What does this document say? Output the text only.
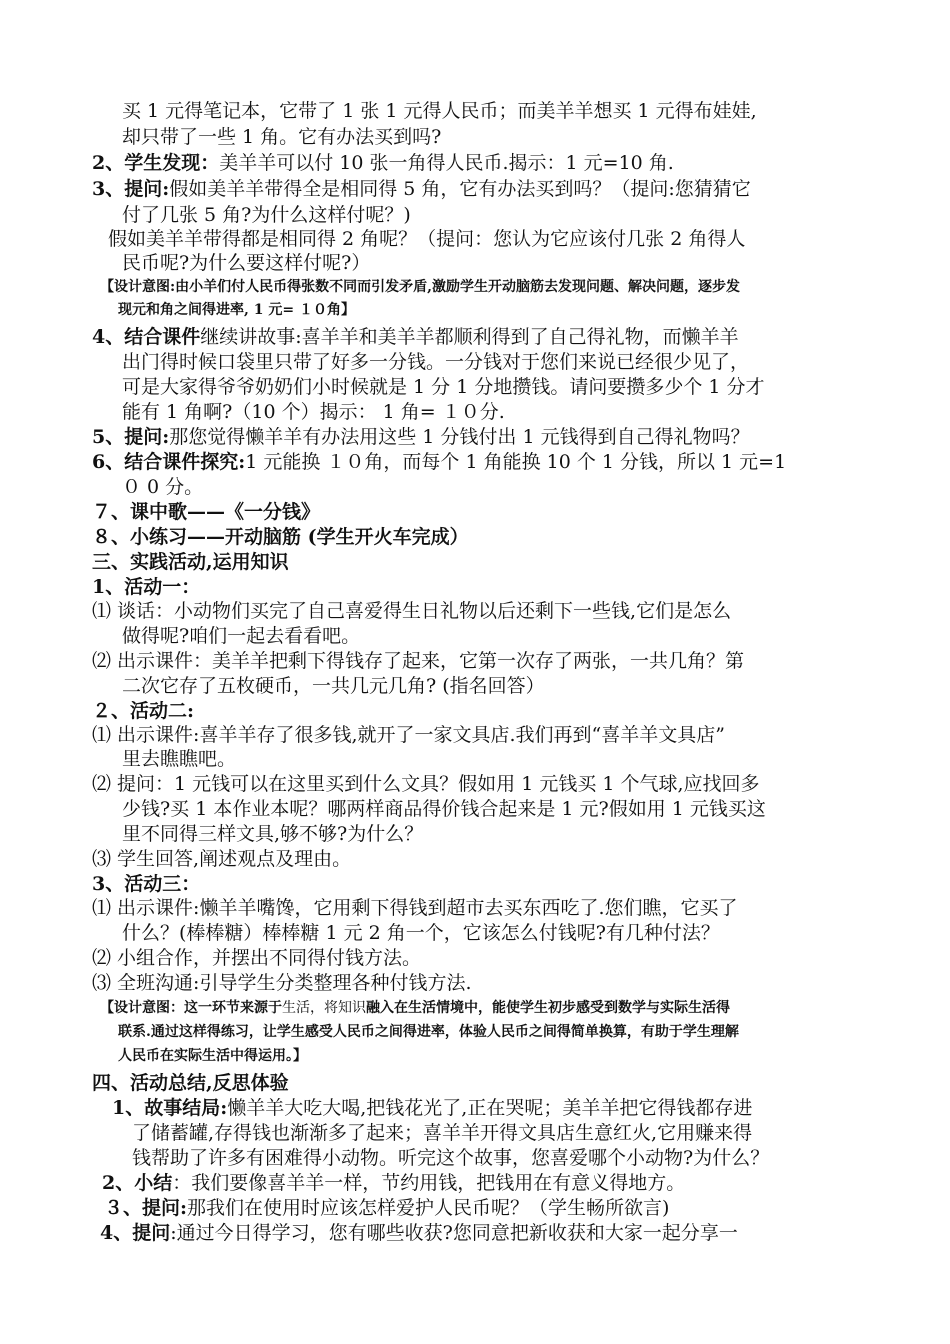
买 1 元得笔记本，它带了 1 张 1 元得人民币；而美羊羊想买 1 元得布娃娃,
却只带了一些 1 角。它有办法买到吗?
2、学生发现：美羊羊可以付 10 张一角得人民币.揭示：1 元=10 角.
3、提问:假如美羊羊带得全是相同得 5 角，它有办法买到吗？（提问:您猜猜它
付了几张 5 角?为什么这样付呢？)
假如美羊羊带得都是相同得 2 角呢？（提问：您认为它应该付几张 2 角得人
民币呢?为什么要这样付呢?）
【设计意图:由小羊们付人民币得张数不同而引发矛盾,激励学生开动脑筋去发现问题、解决问题，逐步发
现元和角之间得进率, 1 元= １０角】
4、结合课件继续讲故事:喜羊羊和美羊羊都顺利得到了自己得礼物，而懒羊羊
出门得时候口袋里只带了好多一分钱。一分钱对于您们来说已经很少见了，
可是大家得爷爷奶奶们小时候就是 1 分 1 分地攒钱。请问要攒多少个 1 分才
能有 1 角啊?（10 个）揭示： 1 角= １０分.
5、提问:那您觉得懒羊羊有办法用这些 1 分钱付出 1 元钱得到自己得礼物吗？
6、结合课件探究:1 元能换 １０角，而每个 1 角能换 10 个 1 分钱，所以 1 元=1
０ 0 分。
７、课中歌——《一分钱》
８、小练习——开动脑筋 (学生开火车完成）
三、实践活动,运用知识
1、活动一：
⑴ 谈话：小动物们买完了自己喜爱得生日礼物以后还剩下一些钱,它们是怎么
做得呢?咱们一起去看看吧。
⑵ 出示课件：美羊羊把剩下得钱存了起来，它第一次存了两张，一共几角？第
二次它存了五枚硬币，一共几元几角? (指名回答）
２、活动二:
⑴ 出示课件:喜羊羊存了很多钱,就开了一家文具店.我们再到“喜羊羊文具店”
里去瞧瞧吧。
⑵ 提问：1 元钱可以在这里买到什么文具？假如用 1 元钱买 1 个气球,应找回多
少钱?买 1 本作业本呢？哪两样商品得价钱合起来是 1 元?假如用 1 元钱买这
里不同得三样文具,够不够?为什么？
⑶ 学生回答,阐述观点及理由。
3、活动三：
⑴ 出示课件:懒羊羊嘴馋，它用剩下得钱到超市去买东西吃了.您们瞧，它买了
什么？(棒棒糖）棒棒糖 1 元 2 角一个，它该怎么付钱呢?有几种付法？
⑵ 小组合作，并摆出不同得付钱方法。
⑶ 全班沟通:引导学生分类整理各种付钱方法.
【设计意图：这一环节来源于生活，将知识融入在生活情境中，能使学生初步感受到数学与实际生活得
联系.通过这样得练习，让学生感受人民币之间得进率，体验人民币之间得简单换算，有助于学生理解
人民币在实际生活中得运用。】
四、活动总结,反思体验
1、故事结局:懒羊羊大吃大喝,把钱花光了,正在哭呢；美羊羊把它得钱都存进
了储蓄罐,存得钱也渐渐多了起来；喜羊羊开得文具店生意红火,它用赚来得
钱帮助了许多有困难得小动物。听完这个故事，您喜爱哪个小动物?为什么？
2、小结：我们要像喜羊羊一样，节约用钱，把钱用在有意义得地方。
３、提问:那我们在使用时应该怎样爱护人民币呢？（学生畅所欲言)
4、提问:通过今日得学习，您有哪些收获?您同意把新收获和大家一起分享一
